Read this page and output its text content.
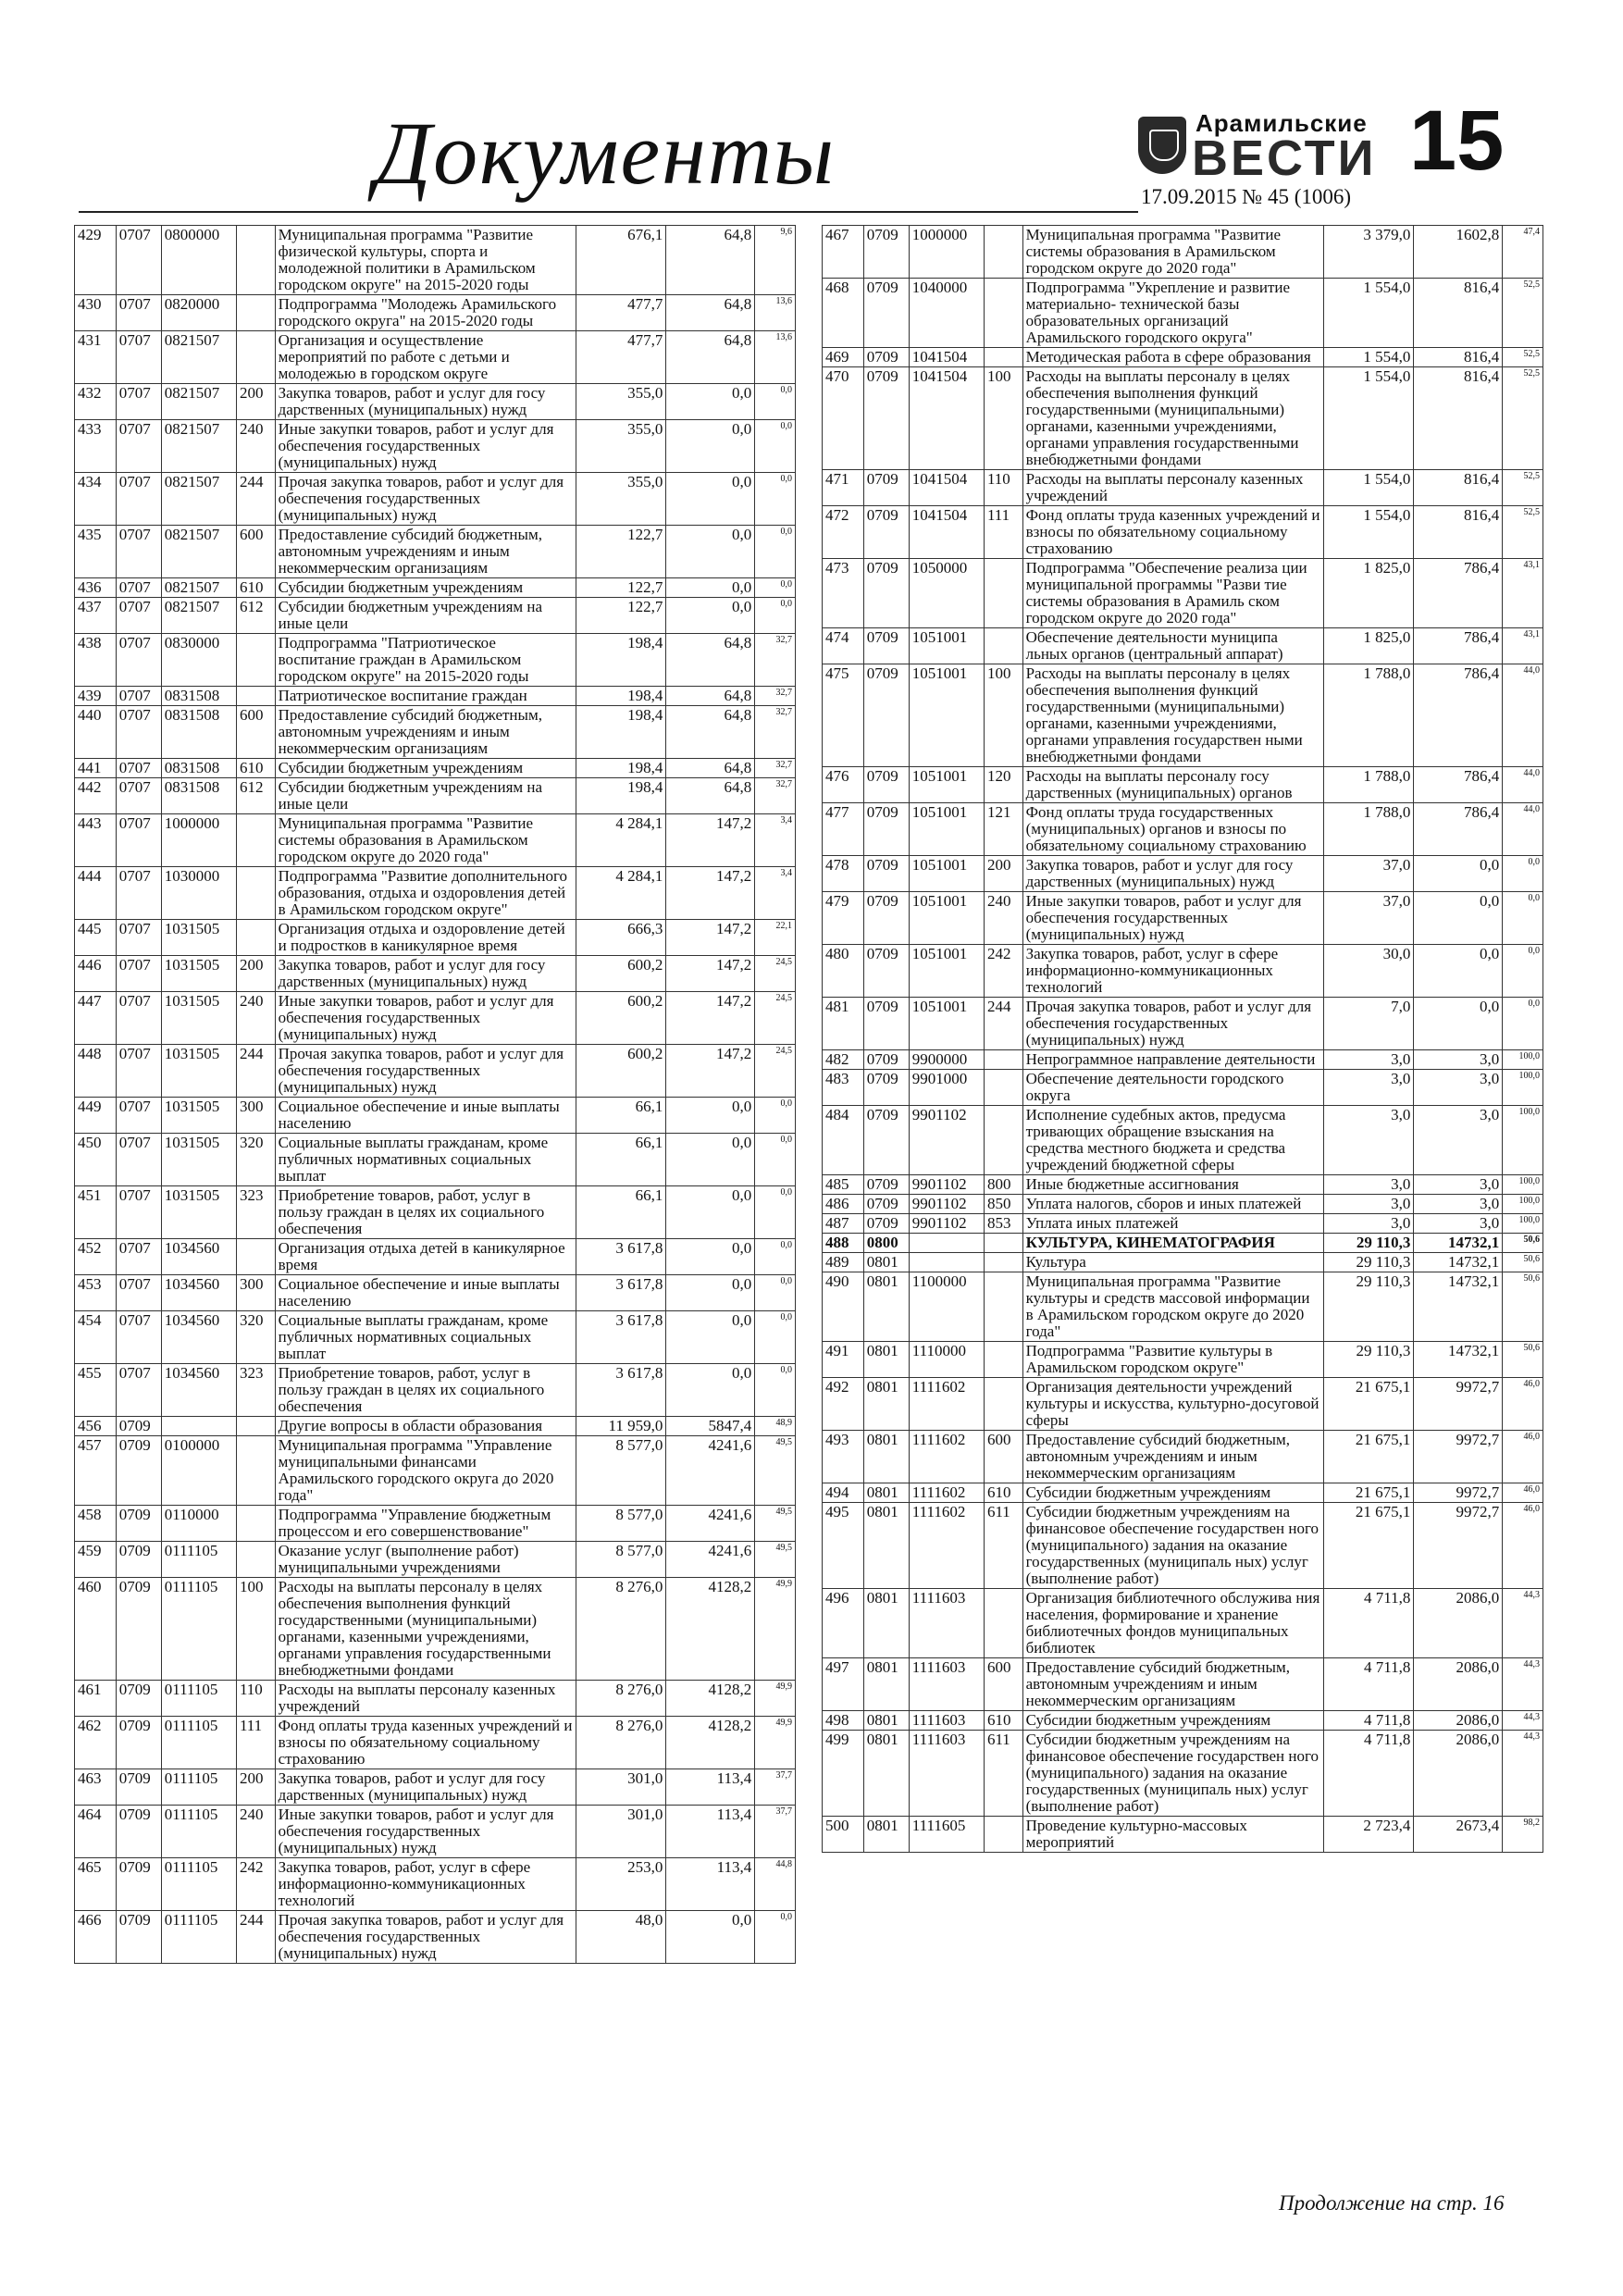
Документы	Арамильские
ВЕСТИ
17.09.2015 № 45 (1006)
15
429	0707	0800000		Муниципальная программа "Развитие физической культуры, спорта и молодежной политики в Арамильском городском округе" на 2015-2020 годы	676,1	64,8	9,6
430	0707	0820000		Подпрограмма "Молодежь Арамильского городского округа" на 2015-2020 годы	477,7	64,8	13,6
431	0707	0821507		Организация и осуществление мероприятий по работе с детьми и молодежью в городском округе	477,7	64,8	13,6
432	0707	0821507	200	Закупка товаров, работ и услуг для госу дарственных (муниципальных) нужд	355,0	0,0	0,0
433	0707	0821507	240	Иные закупки товаров, работ и услуг для обеспечения государственных (муниципальных) нужд	355,0	0,0	0,0
434	0707	0821507	244	Прочая закупка товаров, работ и услуг для обеспечения государственных (муниципальных) нужд	355,0	0,0	0,0
435	0707	0821507	600	Предоставление субсидий бюджетным, автономным учреждениям и иным некоммерческим организациям	122,7	0,0	0,0
436	0707	0821507	610	Субсидии бюджетным учреждениям	122,7	0,0	0,0
437	0707	0821507	612	Субсидии бюджетным учреждениям на иные цели	122,7	0,0	0,0
438	0707	0830000		Подпрограмма "Патриотическое воспитание граждан в Арамильском городском округе" на 2015-2020 годы	198,4	64,8	32,7
439	0707	0831508		Патриотическое воспитание граждан	198,4	64,8	32,7
440	0707	0831508	600	Предоставление субсидий бюджетным, автономным учреждениям и иным некоммерческим организациям	198,4	64,8	32,7
441	0707	0831508	610	Субсидии бюджетным учреждениям	198,4	64,8	32,7
442	0707	0831508	612	Субсидии бюджетным учреждениям на иные цели	198,4	64,8	32,7
443	0707	1000000		Муниципальная программа "Развитие системы образования в Арамильском городском округе до 2020 года"	4 284,1	147,2	3,4
444	0707	1030000		Подпрограмма "Развитие дополнительного образования, отдыха и оздоровления детей в Арамильском городском округе"	4 284,1	147,2	3,4
445	0707	1031505		Организация отдыха и оздоровление детей и подростков в каникулярное время	666,3	147,2	22,1
446	0707	1031505	200	Закупка товаров, работ и услуг для госу дарственных (муниципальных) нужд	600,2	147,2	24,5
447	0707	1031505	240	Иные закупки товаров, работ и услуг для обеспечения государственных (муниципальных) нужд	600,2	147,2	24,5
448	0707	1031505	244	Прочая закупка товаров, работ и услуг для обеспечения государственных (муниципальных) нужд	600,2	147,2	24,5
449	0707	1031505	300	Социальное обеспечение и иные выплаты населению	66,1	0,0	0,0
450	0707	1031505	320	Социальные выплаты гражданам, кроме публичных нормативных социальных выплат	66,1	0,0	0,0
451	0707	1031505	323	Приобретение товаров, работ, услуг в пользу граждан в целях их социального обеспечения	66,1	0,0	0,0
452	0707	1034560		Организация отдыха детей в каникулярное время	3 617,8	0,0	0,0
453	0707	1034560	300	Социальное обеспечение и иные выплаты населению	3 617,8	0,0	0,0
454	0707	1034560	320	Социальные выплаты гражданам, кроме публичных нормативных социальных выплат	3 617,8	0,0	0,0
455	0707	1034560	323	Приобретение товаров, работ, услуг в пользу граждан в целях их социального обеспечения	3 617,8	0,0	0,0
456	0709			Другие вопросы в области образования	11 959,0	5847,4	48,9
457	0709	0100000		Муниципальная программа "Управление муниципальными финансами Арамильского городского округа до 2020 года"	8 577,0	4241,6	49,5
458	0709	0110000		Подпрограмма "Управление бюджетным процессом и его совершенствование"	8 577,0	4241,6	49,5
459	0709	0111105		Оказание услуг (выполнение работ) муниципальными учреждениями	8 577,0	4241,6	49,5
460	0709	0111105	100	Расходы на выплаты персоналу в целях обеспечения выполнения функций государственными (муниципальными) органами, казенными учреждениями, органами управления государственными внебюджетными фондами	8 276,0	4128,2	49,9
461	0709	0111105	110	Расходы на выплаты персоналу казенных учреждений	8 276,0	4128,2	49,9
462	0709	0111105	111	Фонд оплаты труда казенных учреждений и взносы по обязательному социальному страхованию	8 276,0	4128,2	49,9
463	0709	0111105	200	Закупка товаров, работ и услуг для госу дарственных (муниципальных) нужд	301,0	113,4	37,7
464	0709	0111105	240	Иные закупки товаров, работ и услуг для обеспечения государственных (муниципальных) нужд	301,0	113,4	37,7
465	0709	0111105	242	Закупка товаров, работ, услуг в сфере информационно-коммуникационных технологий	253,0	113,4	44,8
466	0709	0111105	244	Прочая закупка товаров, работ и услуг для обеспечения государственных (муниципальных) нужд	48,0	0,0	0,0
467	0709	1000000		Муниципальная программа "Развитие системы образования в Арамильском городском округе до 2020 года"	3 379,0	1602,8	47,4
468	0709	1040000		Подпрограмма "Укрепление и развитие материально- технической базы образовательных организаций Арамильского городского округа"	1 554,0	816,4	52,5
469	0709	1041504		Методическая работа в сфере образования	1 554,0	816,4	52,5
470	0709	1041504	100	Расходы на выплаты персоналу в целях обеспечения выполнения функций государственными (муниципальными) органами, казенными учреждениями, органами управления государственными внебюджетными фондами	1 554,0	816,4	52,5
471	0709	1041504	110	Расходы на выплаты персоналу казенных учреждений	1 554,0	816,4	52,5
472	0709	1041504	111	Фонд оплаты труда казенных учреждений и взносы по обязательному социальному страхованию	1 554,0	816,4	52,5
473	0709	1050000		Подпрограмма "Обеспечение реализа ции муниципальной программы "Разви тие системы образования в Арамиль ском городском округе до 2020 года"	1 825,0	786,4	43,1
474	0709	1051001		Обеспечение деятельности муниципа льных органов (центральный аппарат)	1 825,0	786,4	43,1
475	0709	1051001	100	Расходы на выплаты персоналу в целях обеспечения выполнения функций государственными (муниципальными) органами, казенными учреждениями, органами управления государствен ными внебюджетными фондами	1 788,0	786,4	44,0
476	0709	1051001	120	Расходы на выплаты персоналу госу дарственных (муниципальных) органов	1 788,0	786,4	44,0
477	0709	1051001	121	Фонд оплаты труда государственных (муниципальных) органов и взносы по обязательному социальному страхованию	1 788,0	786,4	44,0
478	0709	1051001	200	Закупка товаров, работ и услуг для госу дарственных (муниципальных) нужд	37,0	0,0	0,0
479	0709	1051001	240	Иные закупки товаров, работ и услуг для обеспечения государственных (муниципальных) нужд	37,0	0,0	0,0
480	0709	1051001	242	Закупка товаров, работ, услуг в сфере информационно-коммуникационных технологий	30,0	0,0	0,0
481	0709	1051001	244	Прочая закупка товаров, работ и услуг для обеспечения государственных (муниципальных) нужд	7,0	0,0	0,0
482	0709	9900000		Непрограммное направление деятельности	3,0	3,0	100,0
483	0709	9901000		Обеспечение деятельности городского округа	3,0	3,0	100,0
484	0709	9901102		Исполнение судебных актов, предусма тривающих обращение взыскания на средства местного бюджета и средства учреждений бюджетной сферы	3,0	3,0	100,0
485	0709	9901102	800	Иные бюджетные ассигнования	3,0	3,0	100,0
486	0709	9901102	850	Уплата налогов, сборов и иных платежей	3,0	3,0	100,0
487	0709	9901102	853	Уплата иных платежей	3,0	3,0	100,0
488	0800			КУЛЬТУРА, КИНЕМАТОГРАФИЯ	29 110,3	14732,1	50,6
489	0801			Культура	29 110,3	14732,1	50,6
490	0801	1100000		Муниципальная программа "Развитие культуры и средств массовой информации в Арамильском городском округе до 2020 года"	29 110,3	14732,1	50,6
491	0801	1110000		Подпрограмма "Развитие культуры в Арамильском городском округе"	29 110,3	14732,1	50,6
492	0801	1111602		Организация деятельности учреждений культуры и искусства, культурно-досуговой сферы	21 675,1	9972,7	46,0
493	0801	1111602	600	Предоставление субсидий бюджетным, автономным учреждениям и иным некоммерческим организациям	21 675,1	9972,7	46,0
494	0801	1111602	610	Субсидии бюджетным учреждениям	21 675,1	9972,7	46,0
495	0801	1111602	611	Субсидии бюджетным учреждениям на финансовое обеспечение государствен ного (муниципального) задания на оказание государственных (муниципаль ных) услуг (выполнение работ)	21 675,1	9972,7	46,0
496	0801	1111603		Организация библиотечного обслужива ния населения, формирование и хранение библиотечных фондов муниципальных библиотек	4 711,8	2086,0	44,3
497	0801	1111603	600	Предоставление субсидий бюджетным, автономным учреждениям и иным некоммерческим организациям	4 711,8	2086,0	44,3
498	0801	1111603	610	Субсидии бюджетным учреждениям	4 711,8	2086,0	44,3
499	0801	1111603	611	Субсидии бюджетным учреждениям на финансовое обеспечение государствен ного (муниципального) задания на оказание государственных (муниципаль ных) услуг (выполнение работ)	4 711,8	2086,0	44,3
500	0801	1111605		Проведение культурно-массовых мероприятий	2 723,4	2673,4	98,2
Продолжение на стр. 16
